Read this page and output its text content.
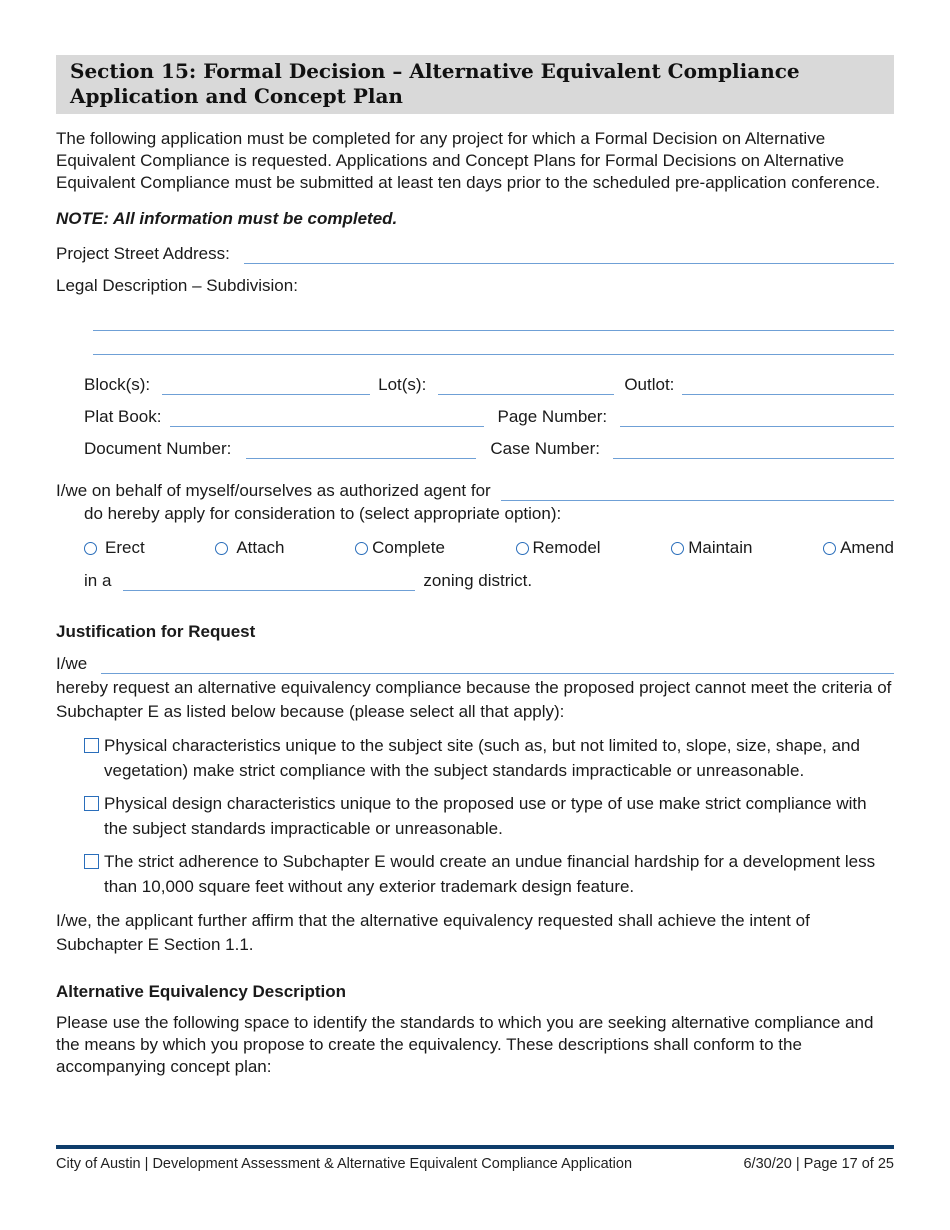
Section 15: Formal Decision – Alternative Equivalent Compliance
Application and Concept Plan

The following application must be completed for any project for which a Formal Decision on Alternative Equivalent Compliance is requested. Applications and Concept Plans for Formal Decisions on Alternative Equivalent Compliance must be submitted at least ten days prior to the scheduled pre-application conference.

NOTE: All information must be completed.

Project Street Address:
Legal Description – Subdivision:
Block(s):	Lot(s):	Outlot:
Plat Book:	Page Number:
Document Number:	Case Number:
I/we on behalf of myself/ourselves as authorized agent for

do hereby apply for consideration to (select appropriate option):

Erect	Attach	Complete	Remodel	Maintain	Amend
in a	zoning district.

Justification for Request

I/we

hereby request an alternative equivalency compliance because the proposed project cannot meet the criteria of Subchapter E as listed below because (please select all that apply):

Physical characteristics unique to the subject site (such as, but not limited to, slope, size, shape, and vegetation) make strict compliance with the subject standards impracticable or unreasonable.

Physical design characteristics unique to the proposed use or type of use make strict compliance with the subject standards impracticable or unreasonable.

The strict adherence to Subchapter E would create an undue financial hardship for a development less than 10,000 square feet without any exterior trademark design feature.

I/we, the applicant further affirm that the alternative equivalency requested shall achieve the intent of Subchapter E Section 1.1.

Alternative Equivalency Description

Please use the following space to identify the standards to which you are seeking alternative compliance and the means by which you propose to create the equivalency. These descriptions shall conform to the accompanying concept plan:

City of Austin | Development Assessment & Alternative Equivalent Compliance Application	6/30/20 | Page 17 of 25
